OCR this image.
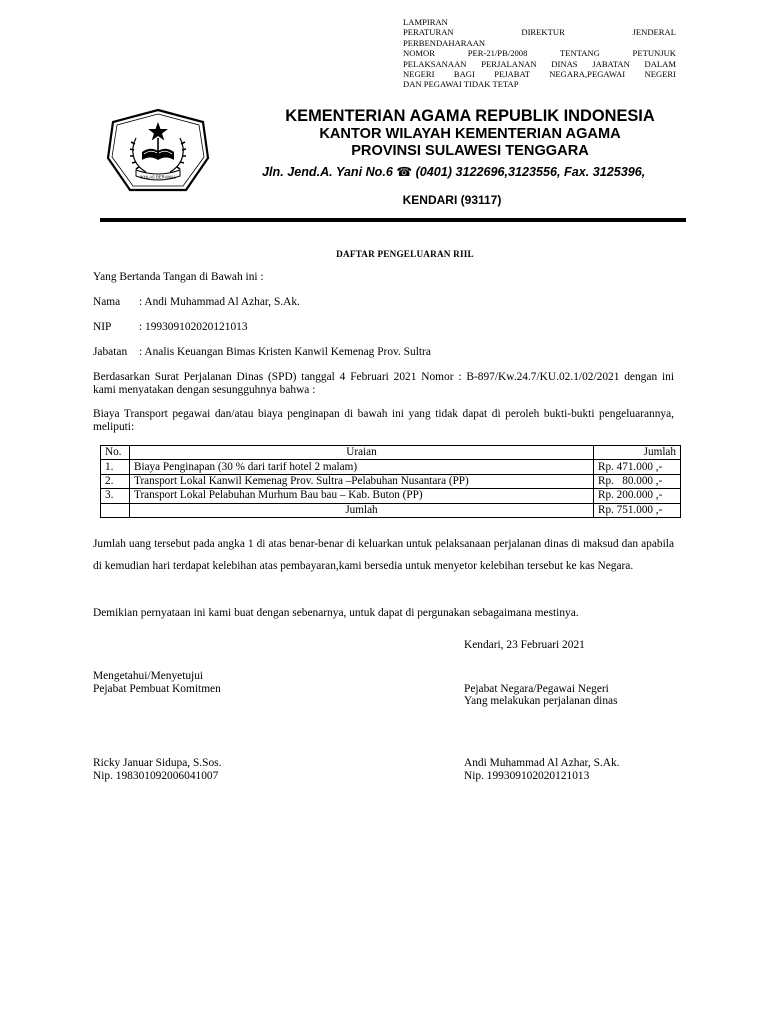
LAMPIRAN
PERATURAN DIREKTUR JENDERAL
PERBENDAHARAAN
NOMOR PER-21/PB/2008 TENTANG PETUNJUK
PELAKSANAAN PERJALANAN DINAS JABATAN DALAM
NEGERI BAGI PEJABAT NEGARA,PEGAWAI NEGERI
DAN PEGAWAI TIDAK TETAP
IKHLAS BERAMAL
KEMENTERIAN AGAMA REPUBLIK INDONESIA
KANTOR WILAYAH KEMENTERIAN AGAMA
PROVINSI SULAWESI TENGGARA
Jln. Jend.A. Yani No.6 ☎ (0401) 3122696,3123556, Fax. 3125396,
KENDARI (93117)
DAFTAR PENGELUARAN RIIL
Yang Bertanda Tangan di Bawah ini :
Nama : Andi Muhammad Al Azhar, S.Ak.
NIP : 199309102020121013
Jabatan : Analis Keuangan Bimas Kristen Kanwil Kemenag Prov. Sultra
Berdasarkan Surat Perjalanan Dinas (SPD) tanggal 4 Februari 2021 Nomor : B-897/Kw.24.7/KU.02.1/02/2021 dengan ini
kami menyatakan dengan sesungguhnya bahwa :
Biaya Transport pegawai dan/atau biaya penginapan di bawah ini yang tidak dapat di peroleh bukti-bukti pengeluarannya,
meliputi:
No.	Uraian	Jumlah
1.	Biaya Penginapan (30 % dari tarif hotel 2 malam)	Rp. 471.000 ,-
2.	Transport Lokal Kanwil Kemenag Prov. Sultra –Pelabuhan Nusantara (PP)	Rp.   80.000 ,-
3.	Transport Lokal Pelabuhan Murhum Bau bau – Kab. Buton (PP)	Rp. 200.000 ,-
	Jumlah	Rp. 751.000 ,-
Jumlah uang tersebut pada angka 1 di atas benar-benar di keluarkan untuk pelaksanaan perjalanan dinas di maksud dan apabila di kemudian hari terdapat kelebihan atas pembayaran,kami bersedia untuk menyetor kelebihan tersebut ke kas Negara.
Demikian pernyataan ini kami buat dengan sebenarnya, untuk dapat di pergunakan sebagaimana mestinya.
Kendari, 23 Februari 2021
Mengetahui/Menyetujui
Pejabat Pembuat Komitmen
Ricky Januar Sidupa, S.Sos.
Nip. 198301092006041007
Pejabat Negara/Pegawai Negeri
Yang melakukan perjalanan dinas
Andi Muhammad Al Azhar, S.Ak.
Nip. 199309102020121013
